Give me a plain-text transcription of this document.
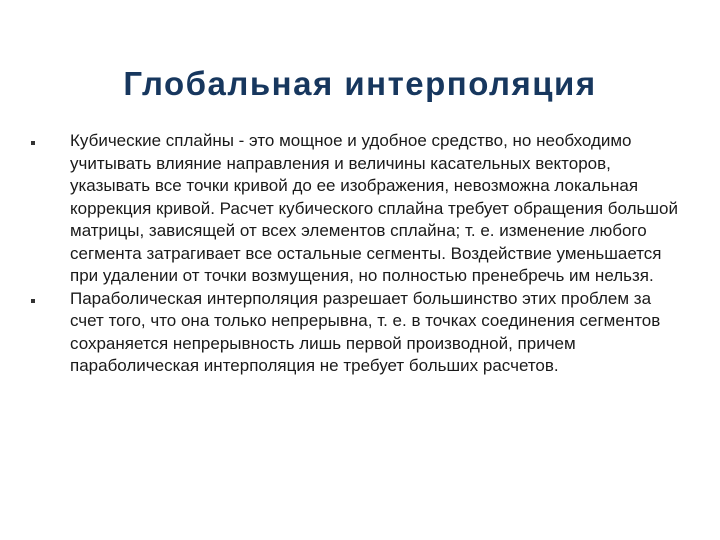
Глобальная интерполяция
Кубические сплайны - это мощное и удобное средство, но необходимо учитывать влияние направления и величины касательных векторов, указывать все точки кривой до ее изображения, невозможна локальная коррекция кривой. Расчет кубического сплайна требует обращения большой матрицы, зависящей от всех элементов сплайна; т. е. изменение любого сегмента затрагивает все остальные сегменты. Воздействие уменьшается при удалении от точки возмущения, но полностью пренебречь им нельзя.
Параболическая интерполяция разрешает большинство этих проблем за счет того, что она только непрерывна, т. е. в точках соединения сегментов сохраняется непрерывность лишь первой производной, причем параболическая интерполяция не требует больших расчетов.
